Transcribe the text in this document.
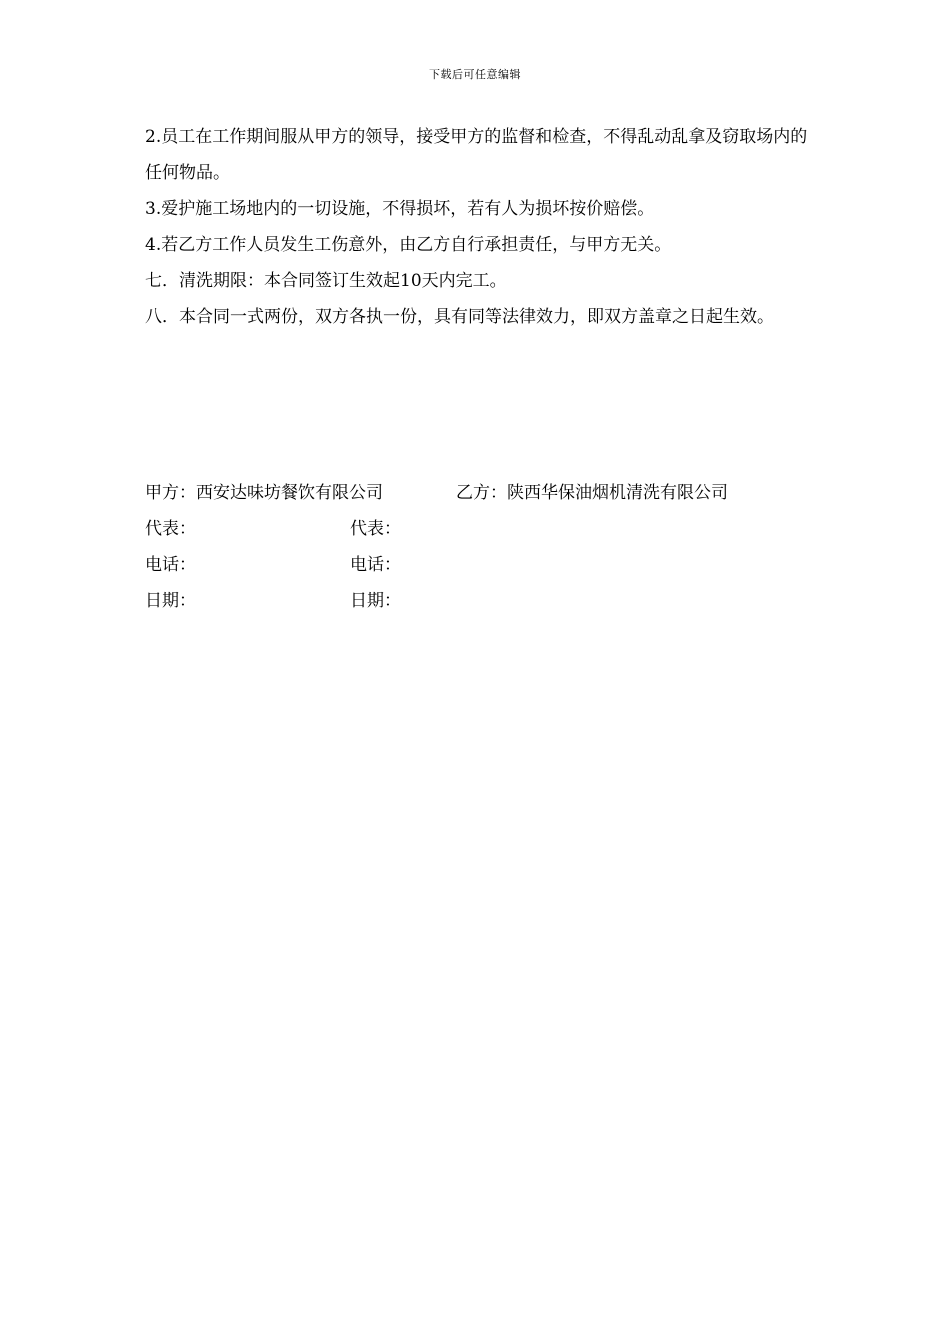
下载后可任意编辑

2.员工在工作期间服从甲方的领导，接受甲方的监督和检查，不得乱动乱拿及窃取场内的任何物品。

3.爱护施工场地内的一切设施，不得损坏，若有人为损坏按价赔偿。

4.若乙方工作人员发生工伤意外，由乙方自行承担责任，与甲方无关。

七．清洗期限：本合同签订生效起10天内完工。

八．本合同一式两份，双方各执一份，具有同等法律效力，即双方盖章之日起生效。

甲方：西安达味坊餐饮有限公司	乙方：陕西华保油烟机清洗有限公司
代表：	代表：
电话：	电话：
日期：	日期：
